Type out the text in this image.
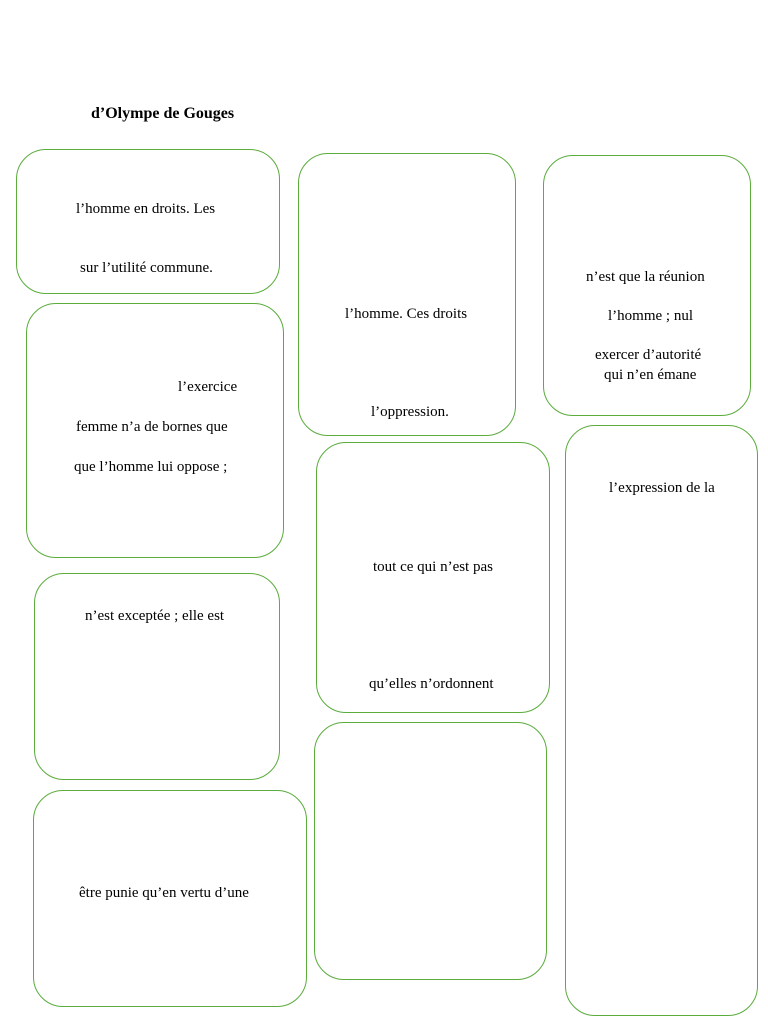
d’Olympe de Gouges
l’homme en droits. Les
sur l’utilité commune.
l’homme. Ces droits
l’oppression.
n’est que la réunion
l’homme ; nul
exercer d’autorité
qui n’en émane
l’exercice
femme n’a de bornes que
que l’homme lui oppose ;
tout ce qui n’est pas
qu’elles n’ordonnent
l’expression de la
n’est exceptée ; elle est
être punie qu’en vertu d’une
